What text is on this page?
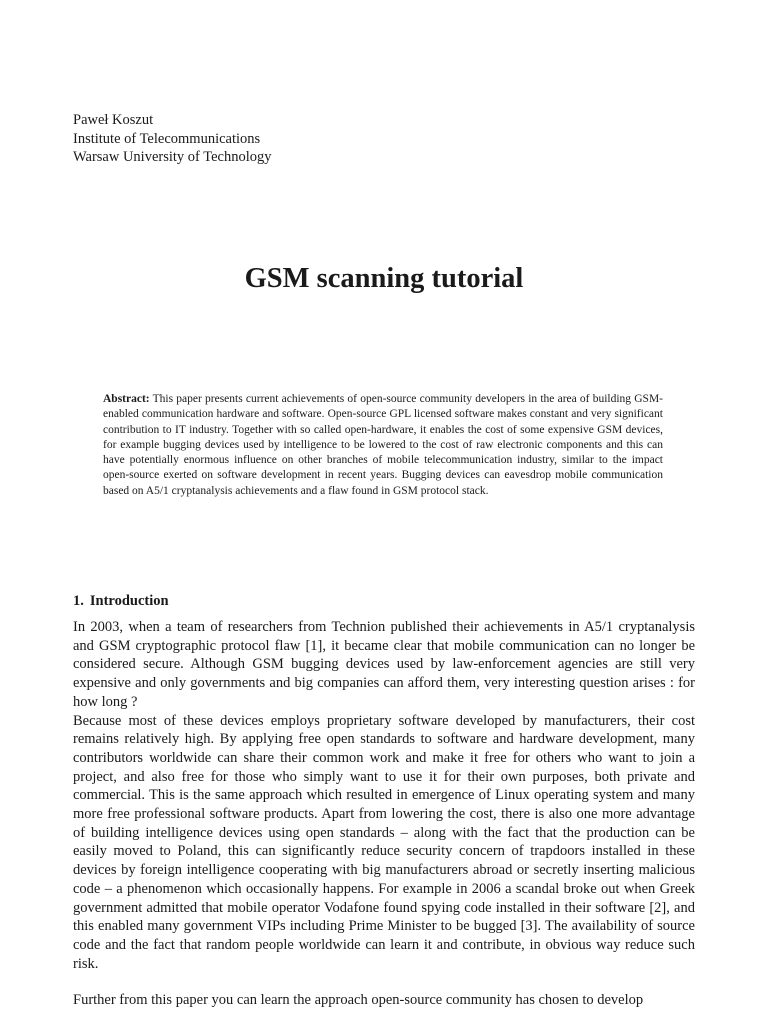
Paweł Koszut
Institute of Telecommunications
Warsaw University of Technology
GSM scanning tutorial

Abstract: This paper presents current achievements of open-source community developers in the area of building GSM-enabled communication hardware and software. Open-source GPL licensed software makes constant and very significant contribution to IT industry. Together with so called open-hardware, it enables the cost of some expensive GSM devices, for example bugging devices used by intelligence to be lowered to the cost of raw electronic components and this can have potentially enormous influence on other branches of mobile telecommunication industry, similar to the impact open-source exerted on software development in recent years. Bugging devices can eavesdrop mobile communication based on A5/1 cryptanalysis achievements and a flaw found in GSM protocol stack.

1. Introduction

In 2003, when a team of researchers from Technion published their achievements in A5/1 cryptanalysis and GSM cryptographic protocol flaw [1], it became clear that mobile communication can no longer be considered secure. Although GSM bugging devices used by law-enforcement agencies are still very expensive and only governments and big companies can afford them, very interesting question arises : for how long ?

Because most of these devices employs proprietary software developed by manufacturers, their cost remains relatively high. By applying free open standards to software and hardware development, many contributors worldwide can share their common work and make it free for others who want to join a project, and also free for those who simply want to use it for their own purposes, both private and commercial. This is the same approach which resulted in emergence of Linux operating system and many more free professional software products. Apart from lowering the cost, there is also one more advantage of building intelligence devices using open standards – along with the fact that the production can be easily moved to Poland, this can significantly reduce security concern of trapdoors installed in these devices by foreign intelligence cooperating with big manufacturers abroad or secretly inserting malicious code – a phenomenon which occasionally happens. For example in 2006 a scandal broke out when Greek government admitted that mobile operator Vodafone found spying code installed in their software [2], and this enabled many government VIPs including Prime Minister to be bugged [3]. The availability of source code and the fact that random people worldwide can learn it and contribute, in obvious way reduce such risk.

Further from this paper you can learn the approach open-source community has chosen to develop
